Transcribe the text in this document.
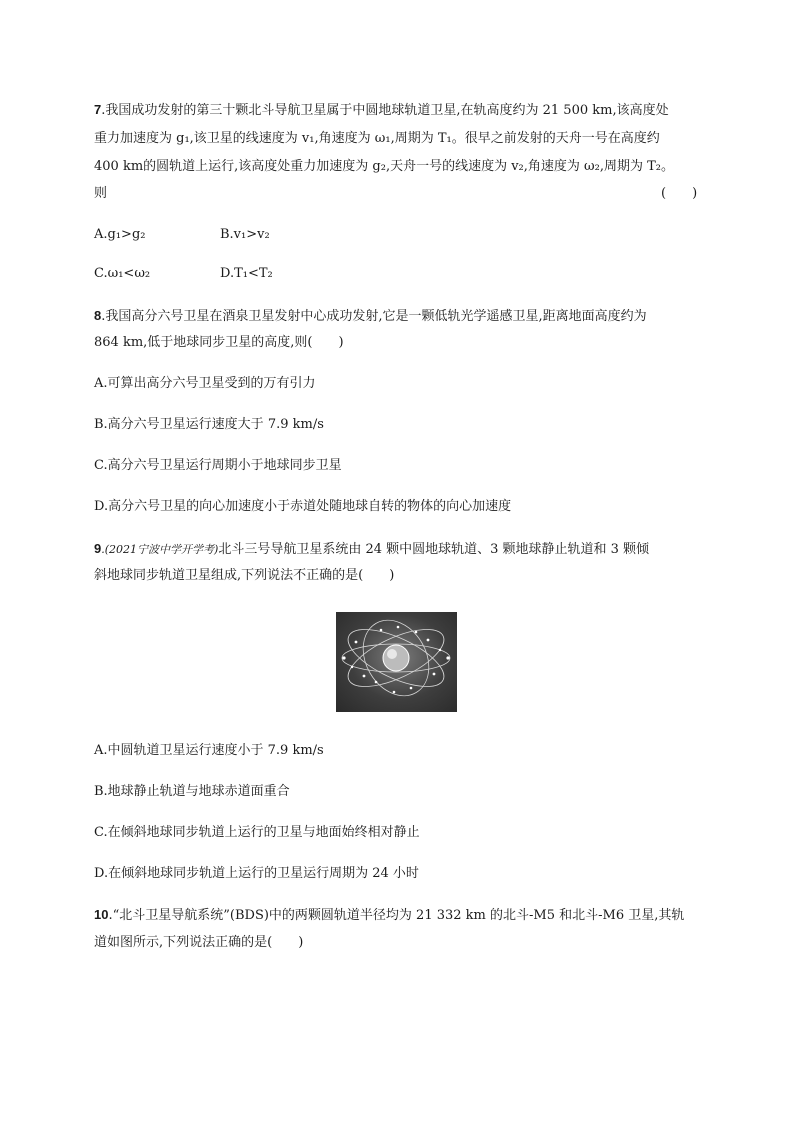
7.我国成功发射的第三十颗北斗导航卫星属于中圆地球轨道卫星,在轨高度约为 21 500 km,该高度处
重力加速度为 g₁,该卫星的线速度为 v₁,角速度为 ω₁,周期为 T₁。很早之前发射的天舟一号在高度约
400 km的圆轨道上运行,该高度处重力加速度为 g₂,天舟一号的线速度为 v₂,角速度为 ω₂,周期为 T₂。
则	(　　)
A.g₁>g₂	B.v₁>v₂
C.ω₁<ω₂	D.T₁<T₂
8.我国高分六号卫星在酒泉卫星发射中心成功发射,它是一颗低轨光学遥感卫星,距离地面高度约为
864 km,低于地球同步卫星的高度,则(　　)
A.可算出高分六号卫星受到的万有引力
B.高分六号卫星运行速度大于 7.9 km/s
C.高分六号卫星运行周期小于地球同步卫星
D.高分六号卫星的向心加速度小于赤道处随地球自转的物体的向心加速度
9.(2021宁波中学开学考)北斗三号导航卫星系统由 24 颗中圆地球轨道、3 颗地球静止轨道和 3 颗倾
斜地球同步轨道卫星组成,下列说法不正确的是(　　)
A.中圆轨道卫星运行速度小于 7.9 km/s
B.地球静止轨道与地球赤道面重合
C.在倾斜地球同步轨道上运行的卫星与地面始终相对静止
D.在倾斜地球同步轨道上运行的卫星运行周期为 24 小时
10.“北斗卫星导航系统”(BDS)中的两颗圆轨道半径均为 21 332 km 的北斗-M5 和北斗-M6 卫星,其轨
道如图所示,下列说法正确的是(　　)
